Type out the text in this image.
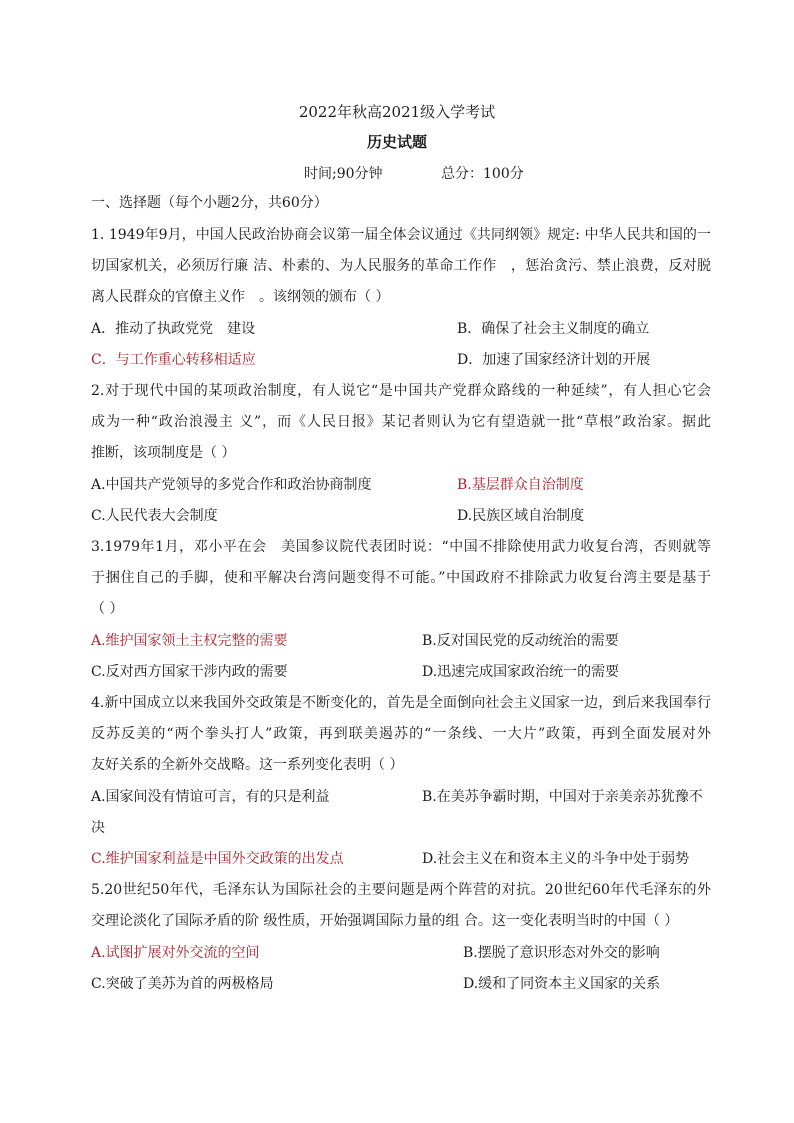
2022年秋高2021级入学考试
历史试题
时间;90分钟	总分：100分
一、选择题（每个小题2分，共60分）
1. 1949年9月，中国人民政治协商会议第一届全体会议通过《共同纲领》规定: 中华人民共和国的一
切国家机关，必须厉行廉 洁、朴素的、为人民服务的革命工作作　，惩治贪污、禁止浪费，反对脱
离人民群众的官僚主义作　。该纲领的颁布（ ）
A．推动了执政党党　建设	B．确保了社会主义制度的确立
C．与工作重心转移相适应	D．加速了国家经济计划的开展
2.对于现代中国的某项政治制度，有人说它“是中国共产党群众路线的一种延续”，有人担心它会
成为一种“政治浪漫主 义”，而《人民日报》某记者则认为它有望造就一批“草根”政治家。据此
推断，该项制度是（ ）
A.中国共产党领导的多党合作和政治协商制度	B.基层群众自治制度
C.人民代表大会制度	D.民族区域自治制度
3.1979年1月，邓小平在会　美国参议院代表团时说：“中国不排除使用武力收复台湾，否则就等
于捆住自己的手脚，使和平解决台湾问题变得不可能。”中国政府不排除武力收复台湾主要是基于
（ ）
A.维护国家领土主权完整的需要	B.反对国民党的反动统治的需要
C.反对西方国家干涉内政的需要	D.迅速完成国家政治统一的需要
4.新中国成立以来我国外交政策是不断变化的，首先是全面倒向社会主义国家一边，到后来我国奉行
反苏反美的“两个拳头打人”政策，再到联美遏苏的“一条线、一大片”政策，再到全面发展对外
友好关系的全新外交战略。这一系列变化表明（ ）
A.国家间没有情谊可言，有的只是利益	B.在美苏争霸时期，中国对于亲美亲苏犹豫不
决
C.维护国家利益是中国外交政策的出发点	D.社会主义在和资本主义的斗争中处于弱势
5.20世纪50年代，毛泽东认为国际社会的主要问题是两个阵营的对抗。20世纪60年代毛泽东的外
交理论淡化了国际矛盾的阶 级性质，开始强调国际力量的组 合。这一变化表明当时的中国（ ）
A.试图扩展对外交流的空间	B.摆脱了意识形态对外交的影响
C.突破了美苏为首的两极格局	D.缓和了同资本主义国家的关系
